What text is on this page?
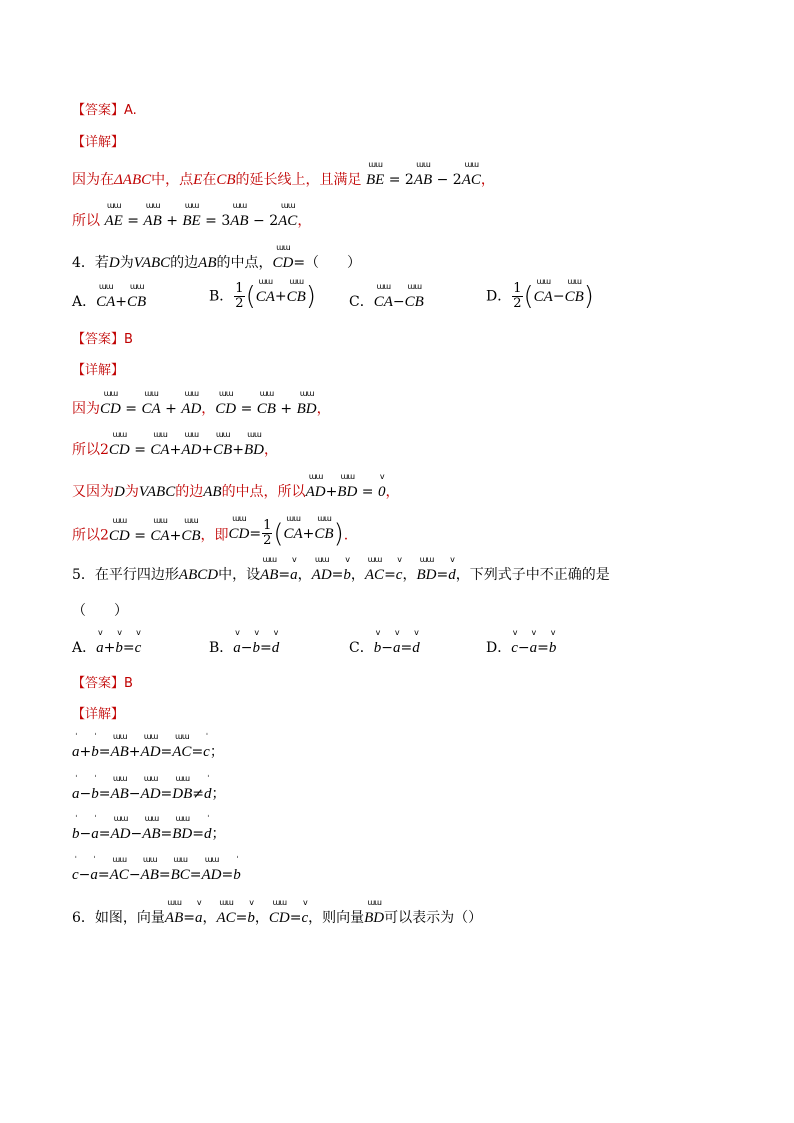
【答案】A.
【详解】
因为在ΔABC中，点E在CB的延长线上，且满足 ɯɯ BE = 2ɯɯ AB − 2ɯɯ AC，
所以 ɯɯ AE = ɯɯ AB + ɯɯ BE = 3ɯɯ AB − 2ɯɯ AC，
4．若D为VABC的边AB的中点，ɯɯ CD=（　　）
A．ɯɯ CA+ɯɯ CB	B． $\frac{1}{2}$ (ɯɯ CA+ɯɯ CB) C．ɯɯ CA−ɯɯ CB	D． $\frac{1}{2}$ (ɯɯ CA−ɯɯ CB)
【答案】B
【详解】
因为ɯɯ CD = ɯɯ CA + ɯɯ AD，ɯɯ CD = ɯɯ CB + ɯɯ BD，
所以2ɯɯ CD = ɯɯ CA+ɯɯ AD+ɯɯ CB+ɯɯ BD，
又因为D为VABC的边AB的中点，所以ɯɯ AD+ɯɯ BD = v 0，
所以2ɯɯ CD = ɯɯ CA+ɯɯ CB，即ɯɯ $CD= \frac{1}{2}$ (ɯɯ CA+ɯɯ CB).
5．在平行四边形ABCD中，设ɯɯ AB=v a，ɯɯ AD=v b，ɯɯ AC=v c，ɯɯ BD=v d，下列式子中不正确的是
（　　）
A．v a+v b=v c	B．v a−v b=v d	C．v b−v a=v d	D．v c−v a=v b
【答案】B
【详解】
ˈ a+ˈ b=ɯɯ AB+ɯɯ AD=ɯɯ AC=ˈ c；
ˈ a−ˈ b=ɯɯ AB−ɯɯ AD=ɯɯ DB≠ˈ d；
ˈ b−ˈ a=ɯɯ AD−ɯɯ AB=ɯɯ BD=ˈ d；
ˈ c−ˈ a=ɯɯ AC−ɯɯ AB=ɯɯ BC=ɯɯ AD=ˈ b
6．如图，向量ɯɯ AB=v a，ɯɯ AC=v b，ɯɯ CD=v c，则向量ɯɯ BD可以表示为（）
